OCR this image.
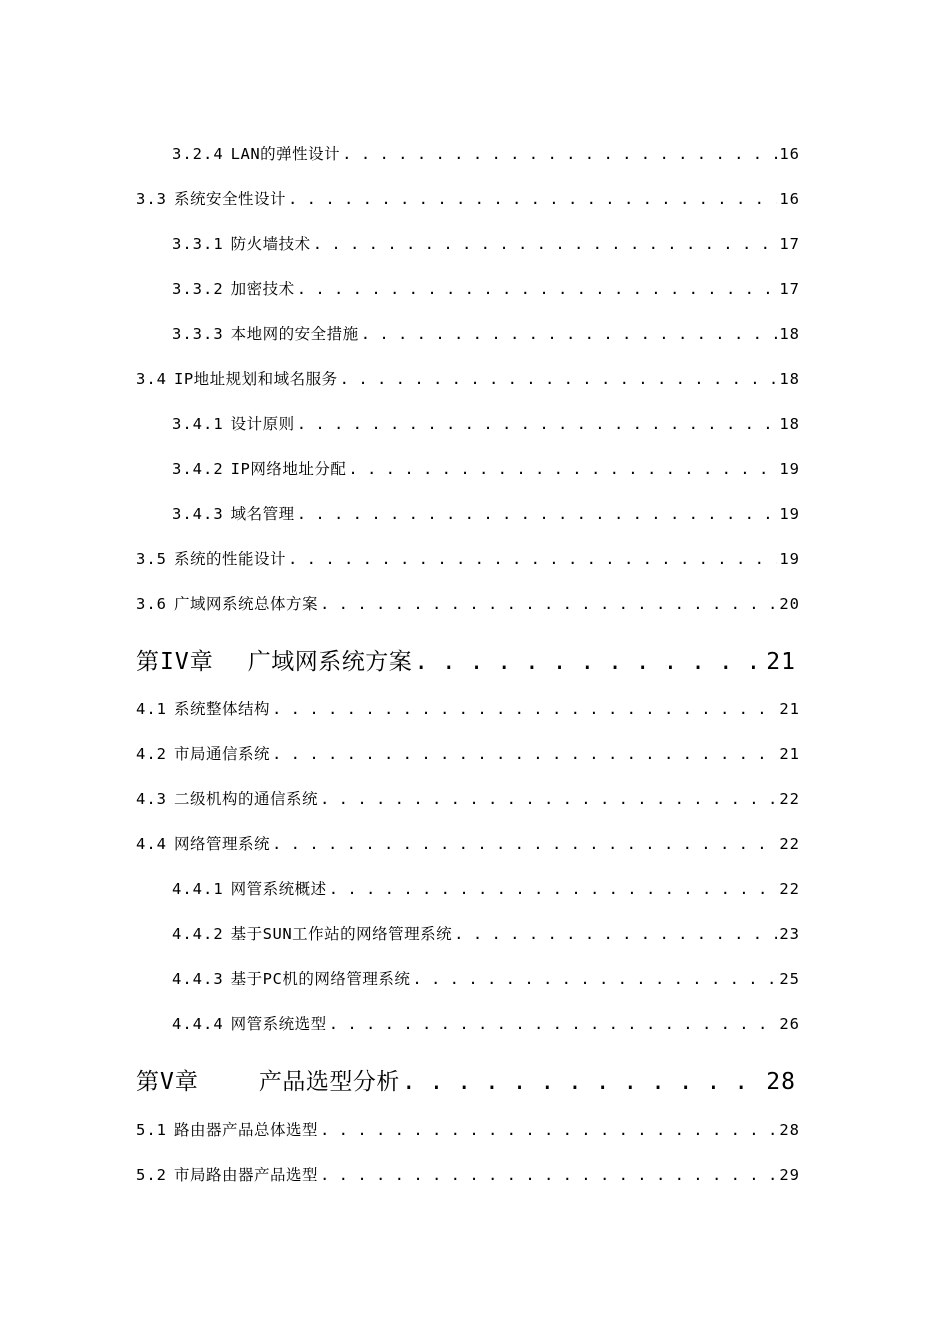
3.2.4 LAN的弹性设计 . . .	16
3.3 系统安全性设计 . . .	16
3.3.1 防火墙技术 . . .	17
3.3.2 加密技术 . . .	17
3.3.3 本地网的安全措施 . . .	18
3.4 IP地址规划和域名服务 . . .	18
3.4.1 设计原则 . . .	18
3.4.2 IP网络地址分配 . . .	19
3.4.3 域名管理 . . .	19
3.5 系统的性能设计 . . .	19
3.6 广域网系统总体方案 . . .	20
第IV章 广域网系统方案 . . .	21
4.1 系统整体结构 . . .	21
4.2 市局通信系统 . . .	21
4.3 二级机构的通信系统 . . .	22
4.4 网络管理系统 . . .	22
4.4.1 网管系统概述 . . .	22
4.4.2 基于SUN工作站的网络管理系统 . . .	23
4.4.3 基于PC机的网络管理系统 . . .	25
4.4.4 网管系统选型 . . .	26
第V章	产品选型分析 . . .	28
5.1 路由器产品总体选型 . . .	28
5.2 市局路由器产品选型 . . .	29
